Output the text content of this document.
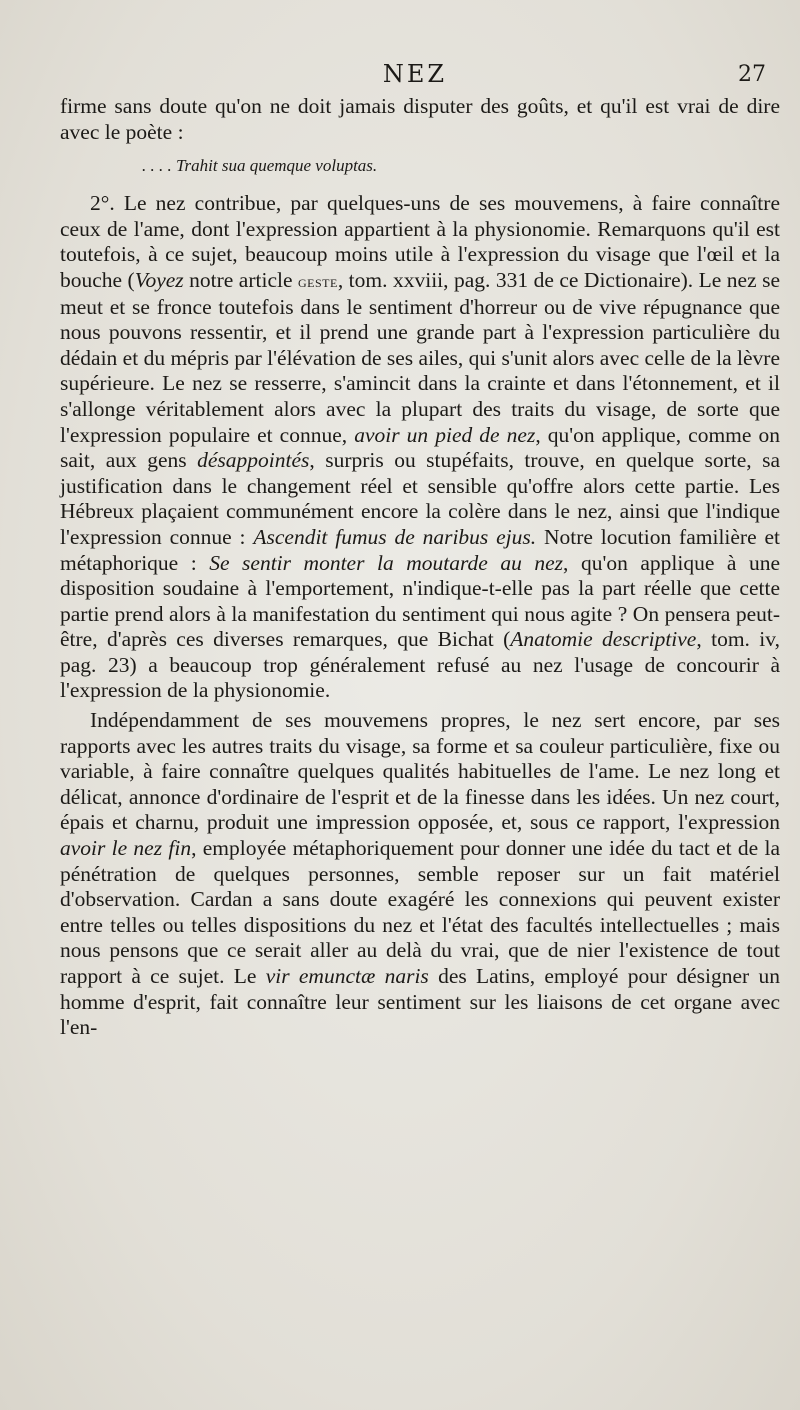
NEZ	27

firme sans doute qu'on ne doit jamais disputer des goûts, et qu'il est vrai de dire avec le poète :

. . . . Trahit sua quemque voluptas.

2°. Le nez contribue, par quelques-uns de ses mouvemens, à faire connaître ceux de l'ame, dont l'expression appartient à la physionomie. Remarquons qu'il est toutefois, à ce sujet, beaucoup moins utile à l'expression du visage que l'œil et la bouche (Voyez notre article geste, tom. xxviii, pag. 331 de ce Dictionaire). Le nez se meut et se fronce toutefois dans le sentiment d'horreur ou de vive répugnance que nous pouvons ressentir, et il prend une grande part à l'expression particulière du dédain et du mépris par l'élévation de ses ailes, qui s'unit alors avec celle de la lèvre supérieure. Le nez se resserre, s'amincit dans la crainte et dans l'étonnement, et il s'allonge véritablement alors avec la plupart des traits du visage, de sorte que l'expression populaire et connue, avoir un pied de nez, qu'on applique, comme on sait, aux gens désappointés, surpris ou stupéfaits, trouve, en quelque sorte, sa justification dans le changement réel et sensible qu'offre alors cette partie. Les Hébreux plaçaient communément encore la colère dans le nez, ainsi que l'indique l'expression connue : Ascendit fumus de naribus ejus. Notre locution familière et métaphorique : Se sentir monter la moutarde au nez, qu'on applique à une disposition soudaine à l'emportement, n'indique-t-elle pas la part réelle que cette partie prend alors à la manifestation du sentiment qui nous agite ? On pensera peut-être, d'après ces diverses remarques, que Bichat (Anatomie descriptive, tom. iv, pag. 23) a beaucoup trop généralement refusé au nez l'usage de concourir à l'expression de la physionomie.

Indépendamment de ses mouvemens propres, le nez sert encore, par ses rapports avec les autres traits du visage, sa forme et sa couleur particulière, fixe ou variable, à faire connaître quelques qualités habituelles de l'ame. Le nez long et délicat, annonce d'ordinaire de l'esprit et de la finesse dans les idées. Un nez court, épais et charnu, produit une impression opposée, et, sous ce rapport, l'expression avoir le nez fin, employée métaphoriquement pour donner une idée du tact et de la pénétration de quelques personnes, semble reposer sur un fait matériel d'observation. Cardan a sans doute exagéré les connexions qui peuvent exister entre telles ou telles dispositions du nez et l'état des facultés intellectuelles ; mais nous pensons que ce serait aller au delà du vrai, que de nier l'existence de tout rapport à ce sujet. Le vir emunctæ naris des Latins, employé pour désigner un homme d'esprit, fait connaître leur sentiment sur les liaisons de cet organe avec l'en-
